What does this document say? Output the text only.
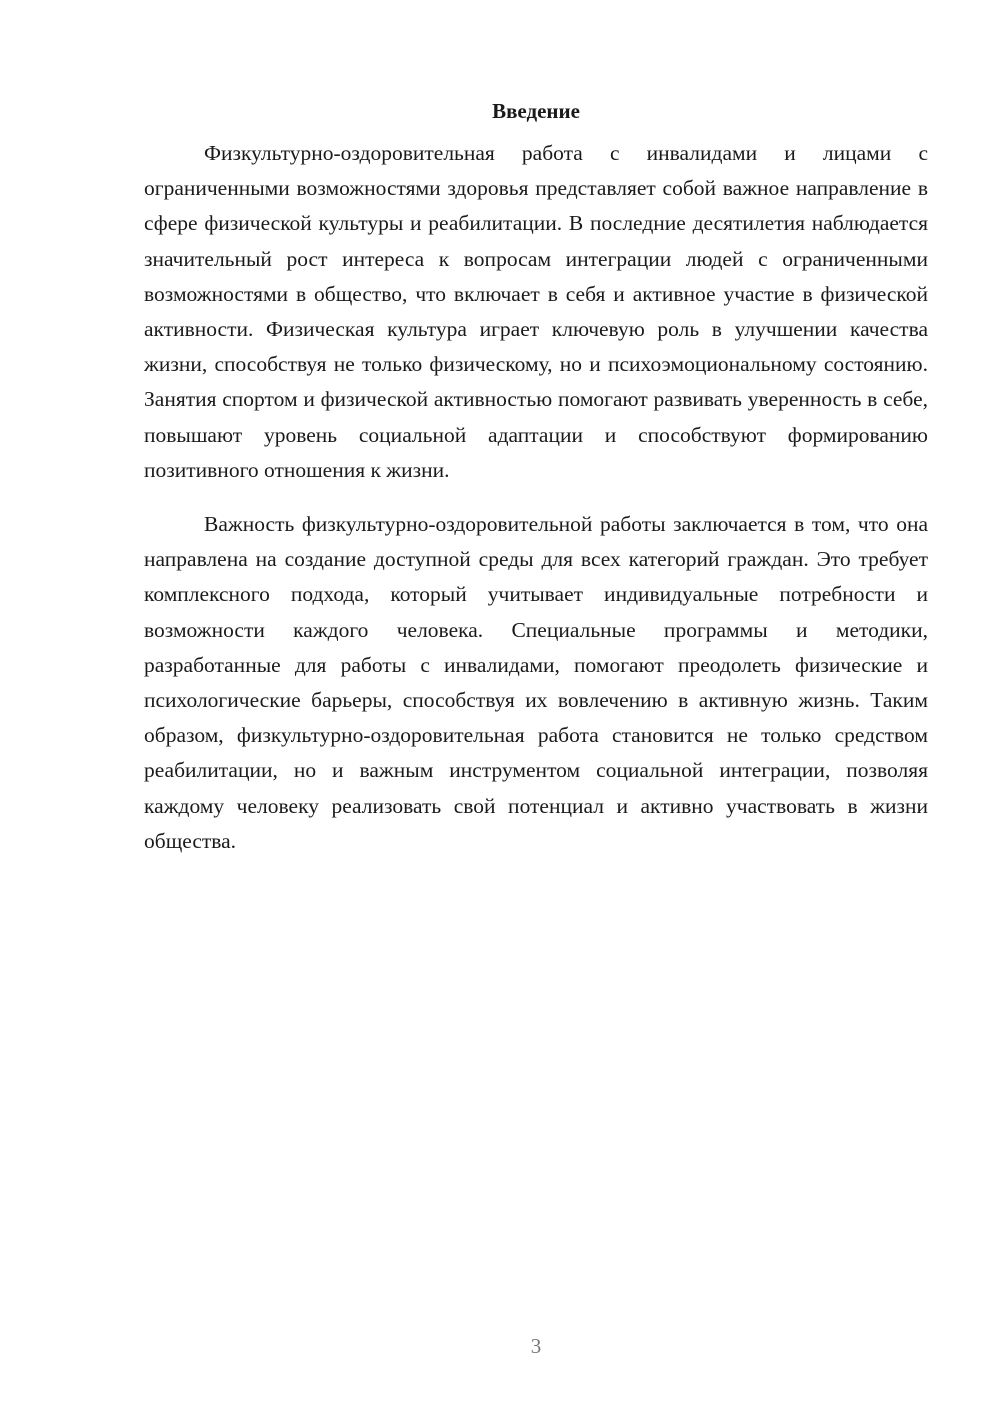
Введение

Физкультурно-оздоровительная работа с инвалидами и лицами с ограниченными возможностями здоровья представляет собой важное направление в сфере физической культуры и реабилитации. В последние десятилетия наблюдается значительный рост интереса к вопросам интеграции людей с ограниченными возможностями в общество, что включает в себя и активное участие в физической активности. Физическая культура играет ключевую роль в улучшении качества жизни, способствуя не только физическому, но и психоэмоциональному состоянию. Занятия спортом и физической активностью помогают развивать уверенность в себе, повышают уровень социальной адаптации и способствуют формированию позитивного отношения к жизни.

Важность физкультурно-оздоровительной работы заключается в том, что она направлена на создание доступной среды для всех категорий граждан. Это требует комплексного подхода, который учитывает индивидуальные потребности и возможности каждого человека. Специальные программы и методики, разработанные для работы с инвалидами, помогают преодолеть физические и психологические барьеры, способствуя их вовлечению в активную жизнь. Таким образом, физкультурно-оздоровительная работа становится не только средством реабилитации, но и важным инструментом социальной интеграции, позволяя каждому человеку реализовать свой потенциал и активно участвовать в жизни общества.

3
